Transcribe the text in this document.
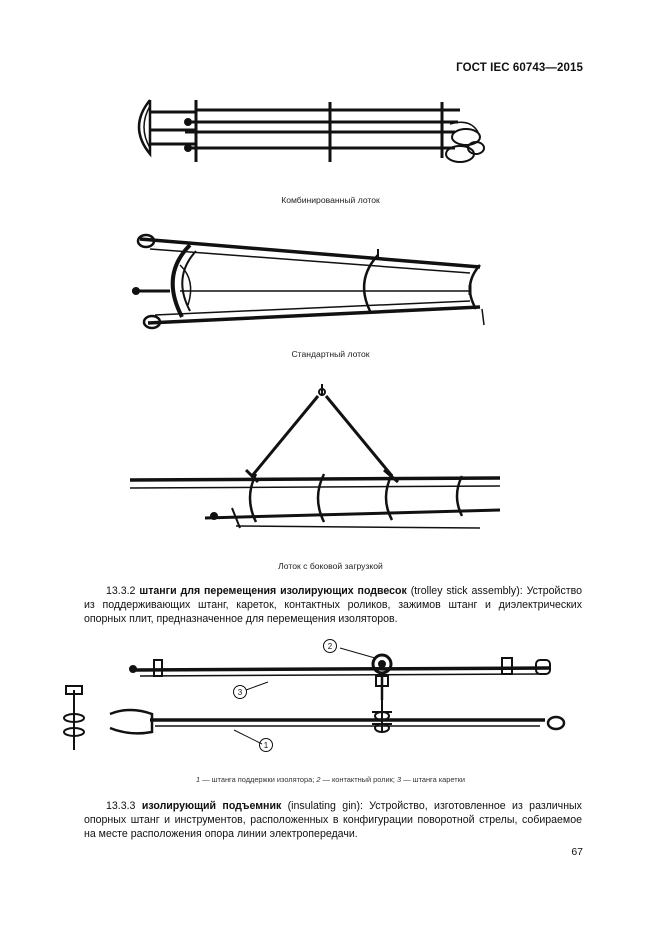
ГОСТ IEC 60743—2015
Комбинированный лоток
Стандартный лоток
Лоток с боковой загрузкой
13.3.2 штанги для перемещения изолирующих подвесок (trolley stick assembly): Устройство из поддерживающих штанг, кареток, контактных роликов, зажимов штанг и диэлектрических опорных плит, предназначенное для перемещения изоляторов.
2
3
1
1 — штанга поддержки изолятора; 2 — контактный ролик; 3 — штанга каретки
13.3.3 изолирующий подъемник (insulating gin): Устройство, изготовленное из различных опорных штанг и инструментов, расположенных в конфигурации поворотной стрелы, собираемое на месте расположения опора линии электропередачи.
67
